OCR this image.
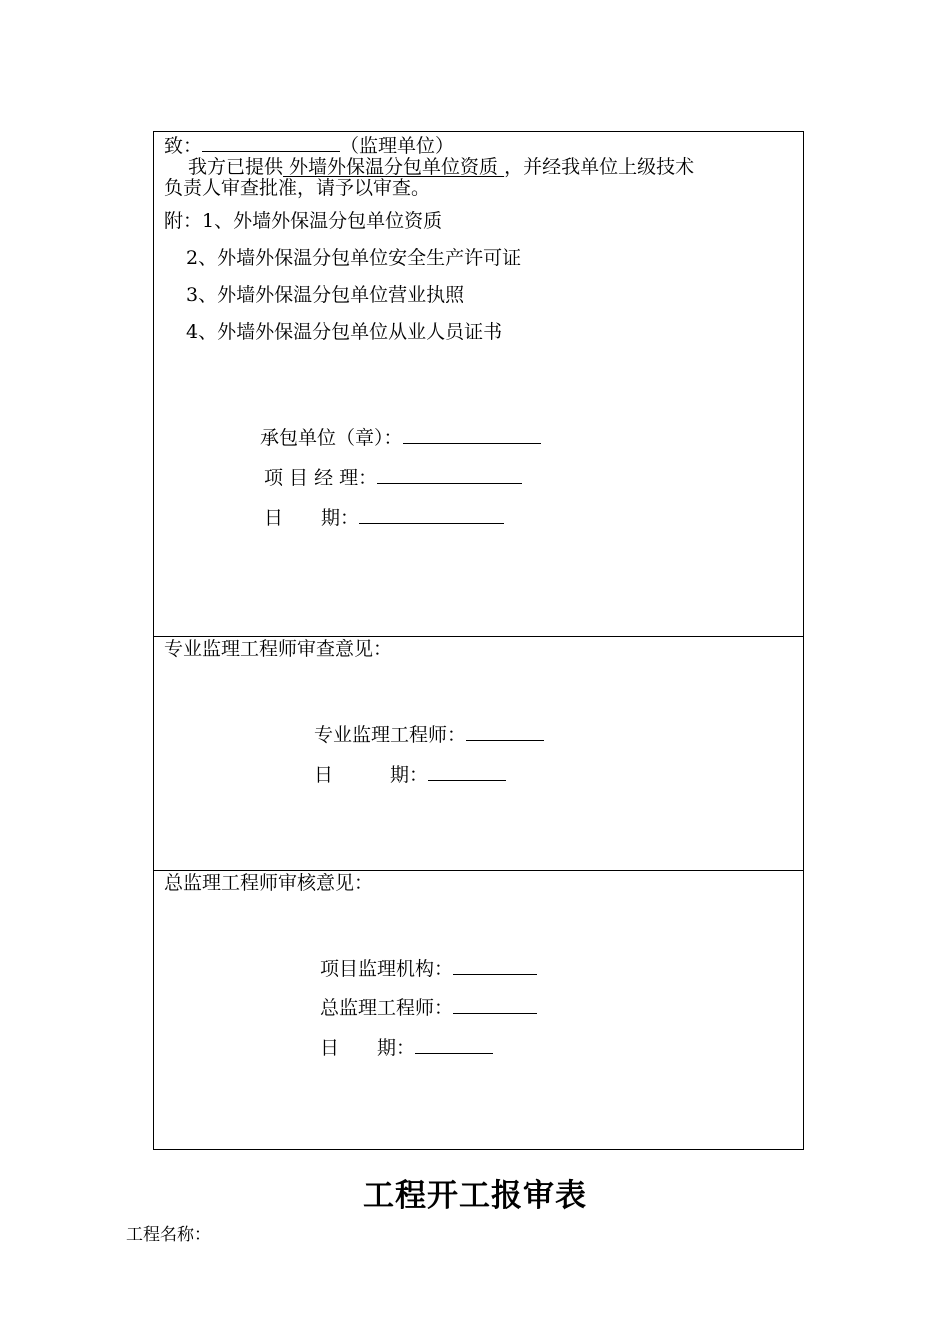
致：	（监理单位）
我方已提供 外墙外保温分包单位资质 ，并经我单位上级技术
负责人审查批准，请予以审查。
附：1、外墙外保温分包单位资质
2、外墙外保温分包单位安全生产许可证
3、外墙外保温分包单位营业执照
4、外墙外保温分包单位从业人员证书
承包单位（章）：
项 目 经 理：
日　　期：
专业监理工程师审查意见：
专业监理工程师：
日　　　期：
总监理工程师审核意见：
项目监理机构：
总监理工程师：
日　　期：
工程开工报审表
工程名称：
